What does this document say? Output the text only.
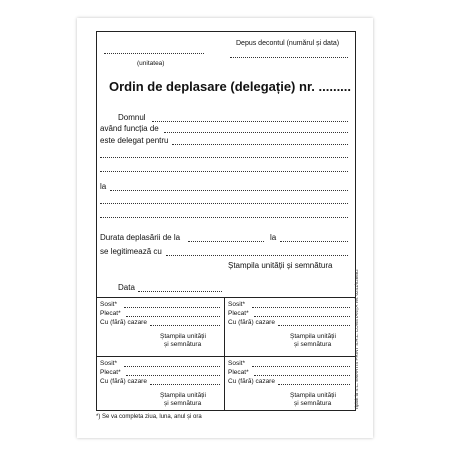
(unitatea)
Depus decontul (numărul și data)
Ordin de deplasare (delegație) nr. .........
Domnul
având funcția de
este delegat pentru
la
Durata deplasării de la	la
se legitimează cu
Ștampila unității și semnătura
Data
Sosit*
Plecat*
Cu (fără) cazare
Ștampila unității
și semnătura
Sosit*
Plecat*
Cu (fără) cazare
Ștampila unității
și semnătura
Sosit*
Plecat*
Cu (fără) cazare
Ștampila unității
și semnătura
Sosit*
Plecat*
Cu (fără) cazare
Ștampila unității
și semnătura
*) Se va completa ziua, luna, anul și ora
Tipărit la S.C. EMARTIS PRINT S.R.L. CONSTANȚA Tel: 0241/526682
